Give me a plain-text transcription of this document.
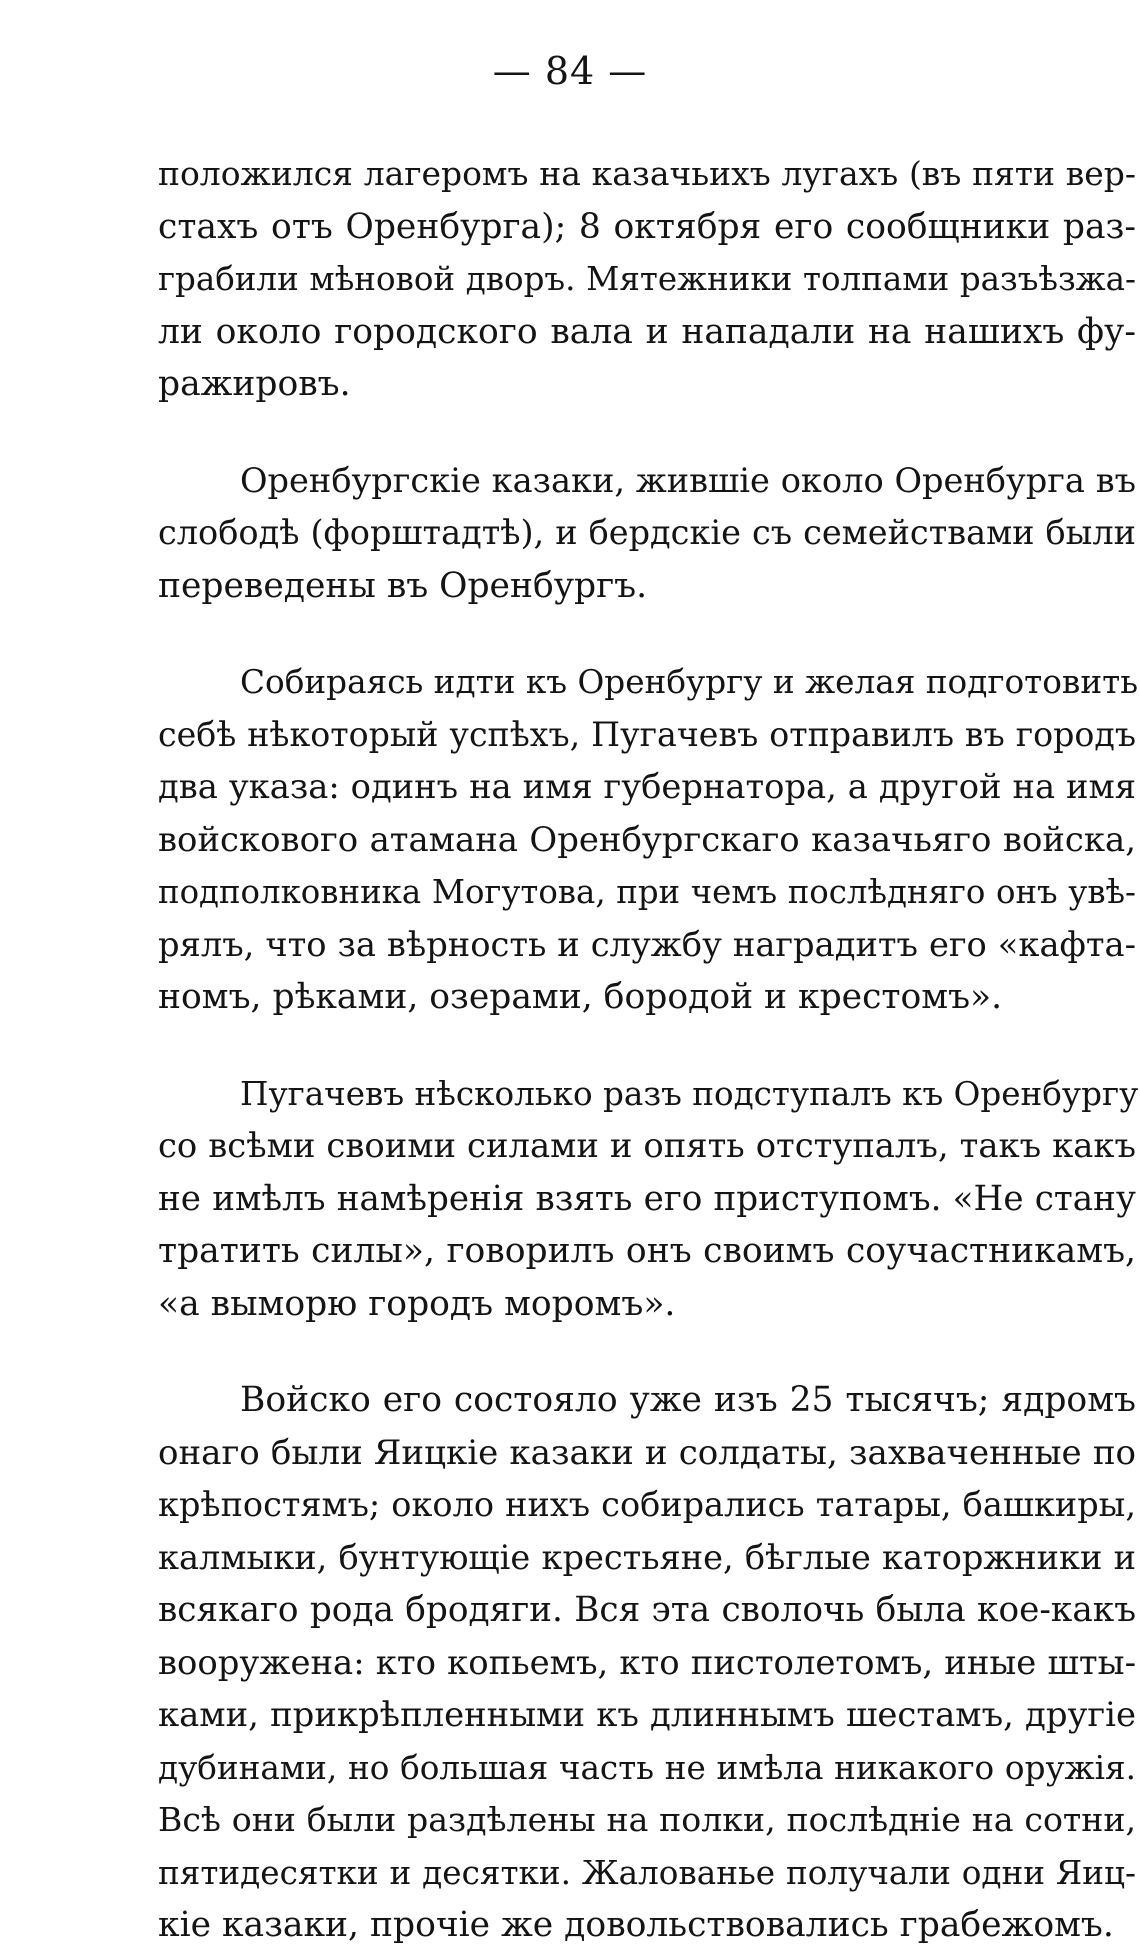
— 84 —

положился лагеромъ на казачьихъ лугахъ (въ пяти вер-
стахъ отъ Оренбурга); 8 октября его сообщники раз-
грабили мѣновой дворъ. Мятежники толпами разъѣзжа-
ли около городского вала и нападали на нашихъ фу-
ражировъ.

Оренбургскіе казаки, жившіе около Оренбурга въ
слободѣ (форштадтѣ), и бердскіе съ семействами были
переведены въ Оренбургъ.

Собираясь идти къ Оренбургу и желая подготовить
себѣ нѣкоторый успѣхъ, Пугачевъ отправилъ въ городъ
два указа: одинъ на имя губернатора, а другой на имя
войскового атамана Оренбургскаго казачьяго войска,
подполковника Могутова, при чемъ послѣдняго онъ увѣ-
рялъ, что за вѣрность и службу наградитъ его «кафта-
номъ, рѣками, озерами, бородой и крестомъ».

Пугачевъ нѣсколько разъ подступалъ къ Оренбургу
со всѣми своими силами и опять отступалъ, такъ какъ
не имѣлъ намѣренія взять его приступомъ. «Не стану
тратить силы», говорилъ онъ своимъ соучастникамъ,
«а выморю городъ моромъ».

Войско его состояло уже изъ 25 тысячъ; ядромъ
онаго были Яицкіе казаки и солдаты, захваченные по
крѣпостямъ; около нихъ собирались татары, башкиры,
калмыки, бунтующіе крестьяне, бѣглые каторжники и
всякаго рода бродяги. Вся эта сволочь была кое-какъ
вооружена: кто копьемъ, кто пистолетомъ, иные шты-
ками, прикрѣпленными къ длиннымъ шестамъ, другіе
дубинами, но большая часть не имѣла никакого оружія.
Всѣ они были раздѣлены на полки, послѣдніе на сотни,
пятидесятки и десятки. Жалованье получали одни Яиц-
кіе казаки, прочіе же довольствовались грабежомъ.
